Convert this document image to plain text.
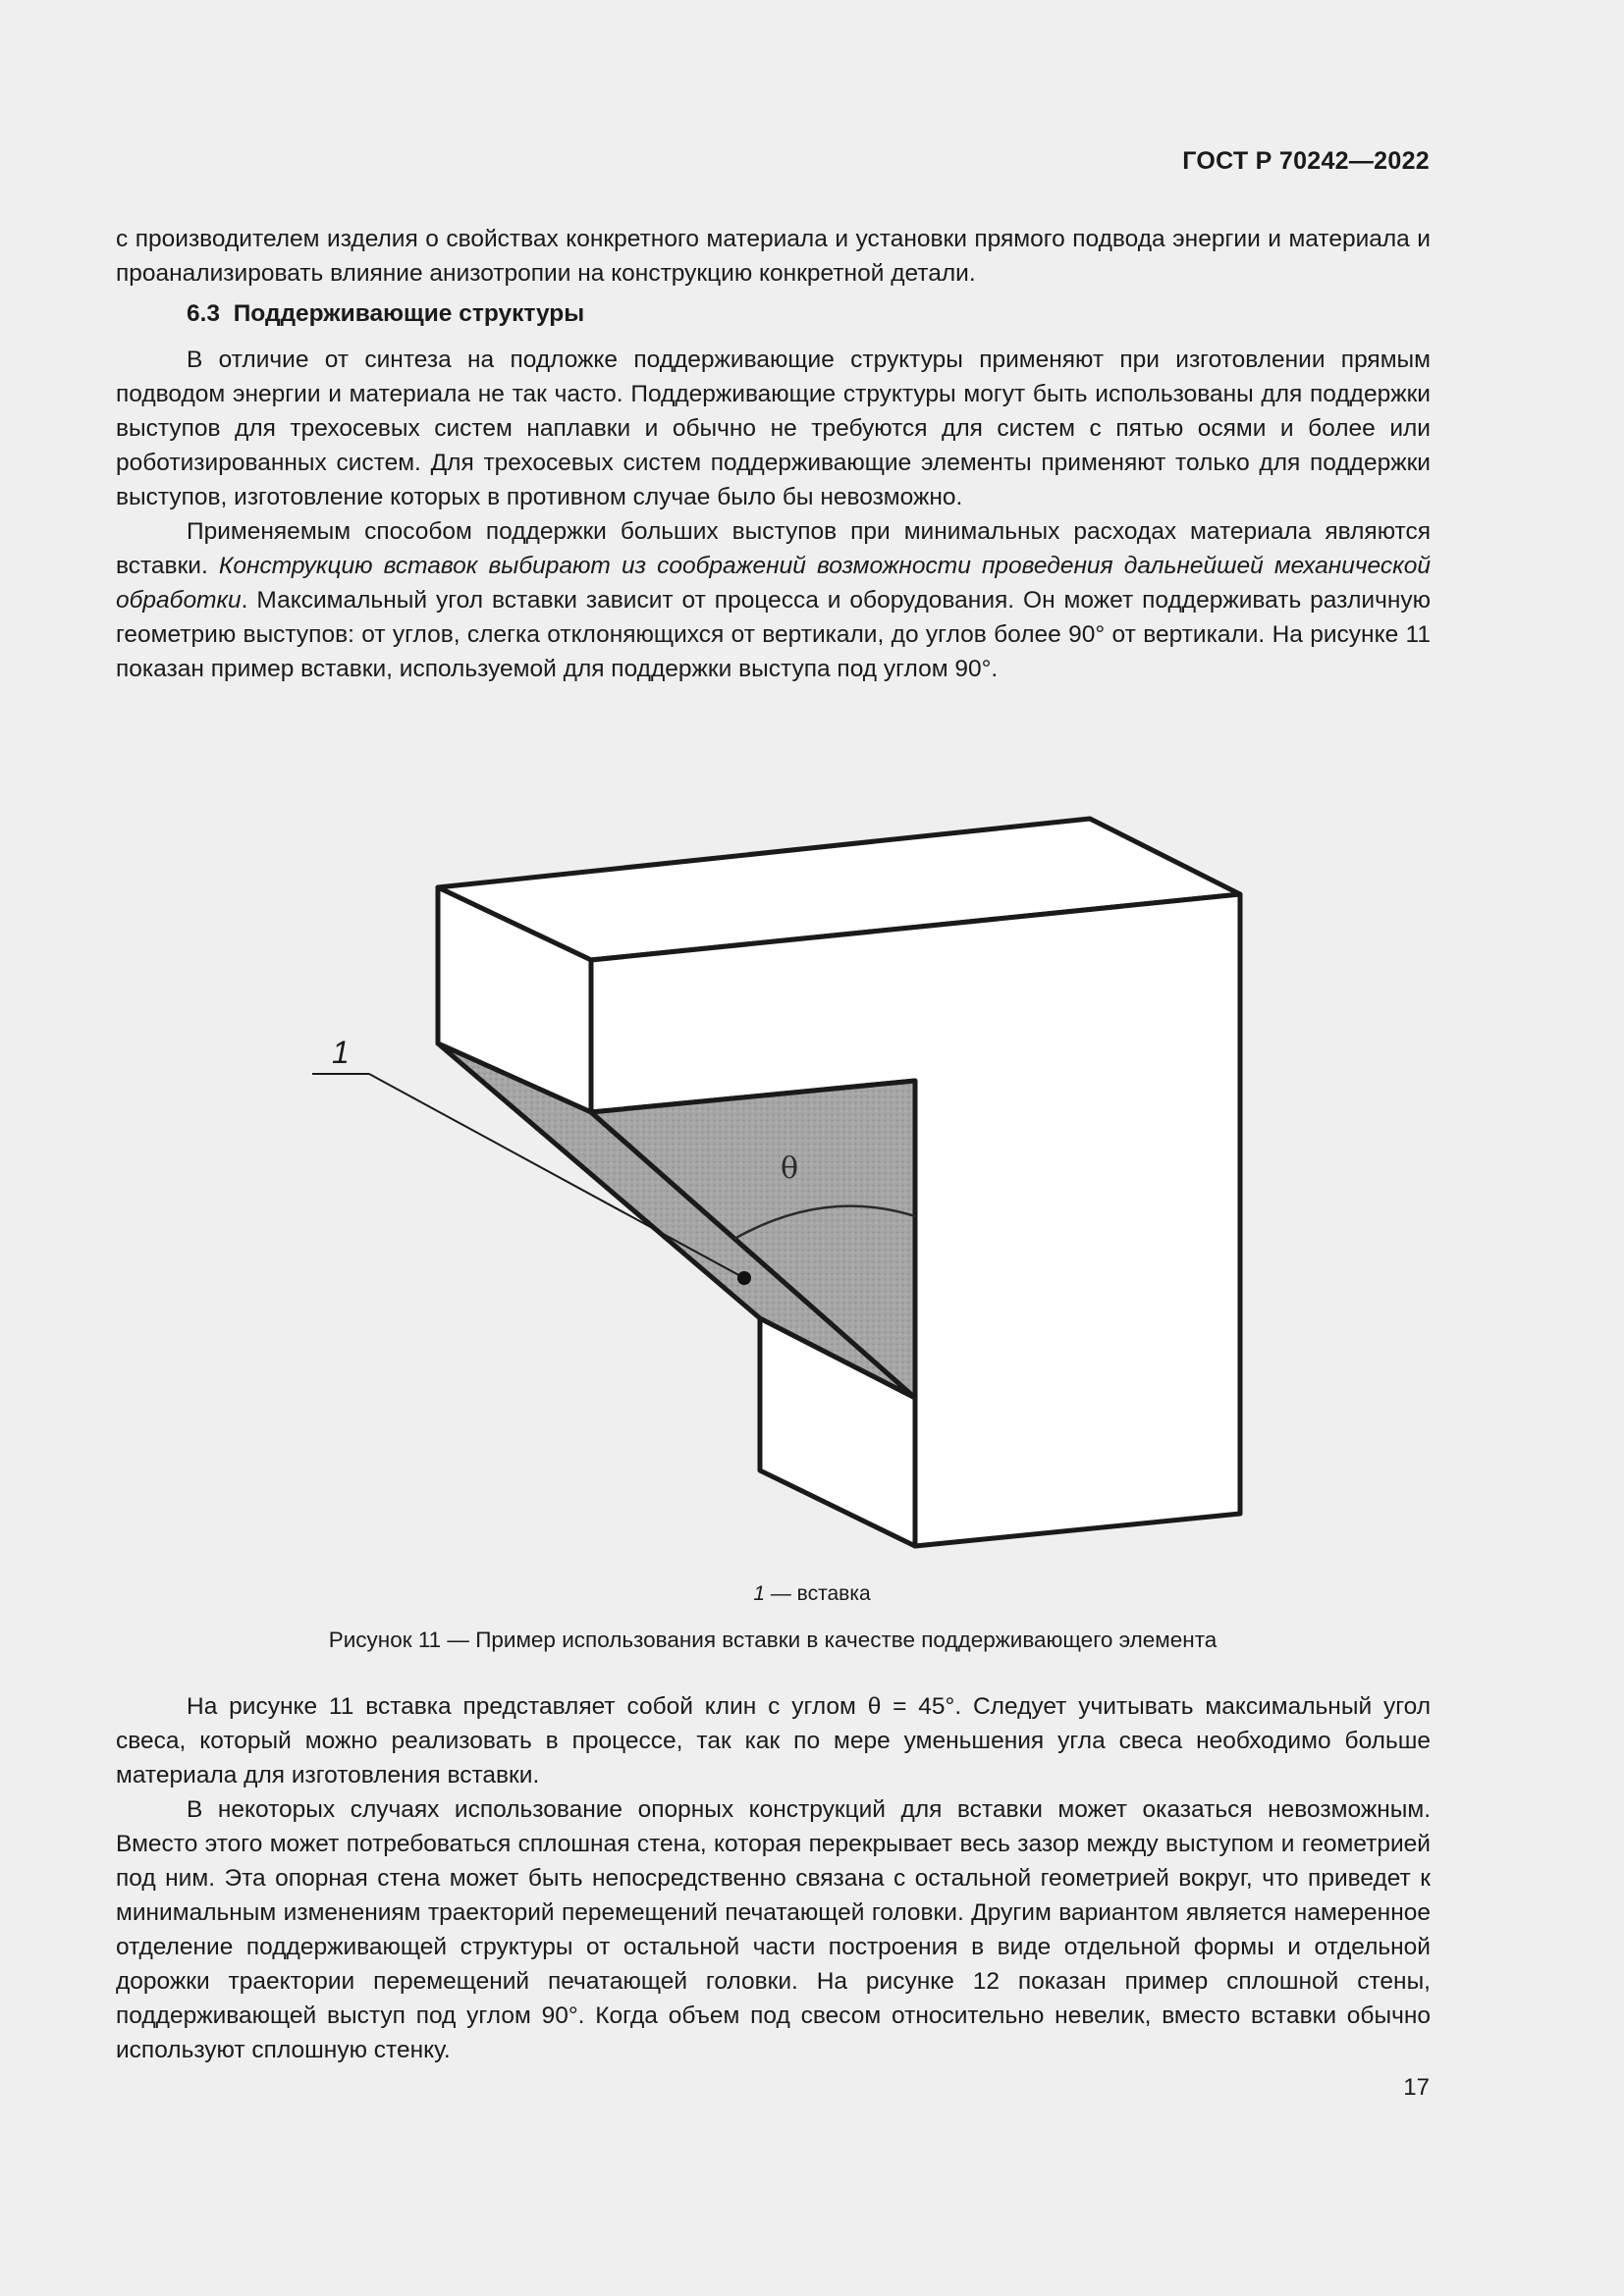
ГОСТ Р 70242—2022

с производителем изделия о свойствах конкретного материала и установки прямого подвода энергии и материала и проанализировать влияние анизотропии на конструкцию конкретной детали.

6.3 Поддерживающие структуры

В отличие от синтеза на подложке поддерживающие структуры применяют при изготовлении прямым подводом энергии и материала не так часто. Поддерживающие структуры могут быть использованы для поддержки выступов для трехосевых систем наплавки и обычно не требуются для систем с пятью осями и более или роботизированных систем. Для трехосевых систем поддерживающие элементы применяют только для поддержки выступов, изготовление которых в противном случае было бы невозможно.

Применяемым способом поддержки больших выступов при минимальных расходах материала являются вставки. Конструкцию вставок выбирают из соображений возможности проведения дальнейшей механической обработки. Максимальный угол вставки зависит от процесса и оборудования. Он может поддерживать различную геометрию выступов: от углов, слегка отклоняющихся от вертикали, до углов более 90° от вертикали. На рисунке 11 показан пример вставки, используемой для поддержки выступа под углом 90°.

θ
1
1 — вставка
Рисунок 11 — Пример использования вставки в качестве поддерживающего элемента

На рисунке 11 вставка представляет собой клин с углом θ = 45°. Следует учитывать максимальный угол свеса, который можно реализовать в процессе, так как по мере уменьшения угла свеса необходимо больше материала для изготовления вставки.

В некоторых случаях использование опорных конструкций для вставки может оказаться невозможным. Вместо этого может потребоваться сплошная стена, которая перекрывает весь зазор между выступом и геометрией под ним. Эта опорная стена может быть непосредственно связана с остальной геометрией вокруг, что приведет к минимальным изменениям траекторий перемещений печатающей головки. Другим вариантом является намеренное отделение поддерживающей структуры от остальной части построения в виде отдельной формы и отдельной дорожки траектории перемещений печатающей головки. На рисунке 12 показан пример сплошной стены, поддерживающей выступ под углом 90°. Когда объем под свесом относительно невелик, вместо вставки обычно используют сплошную стенку.

17
